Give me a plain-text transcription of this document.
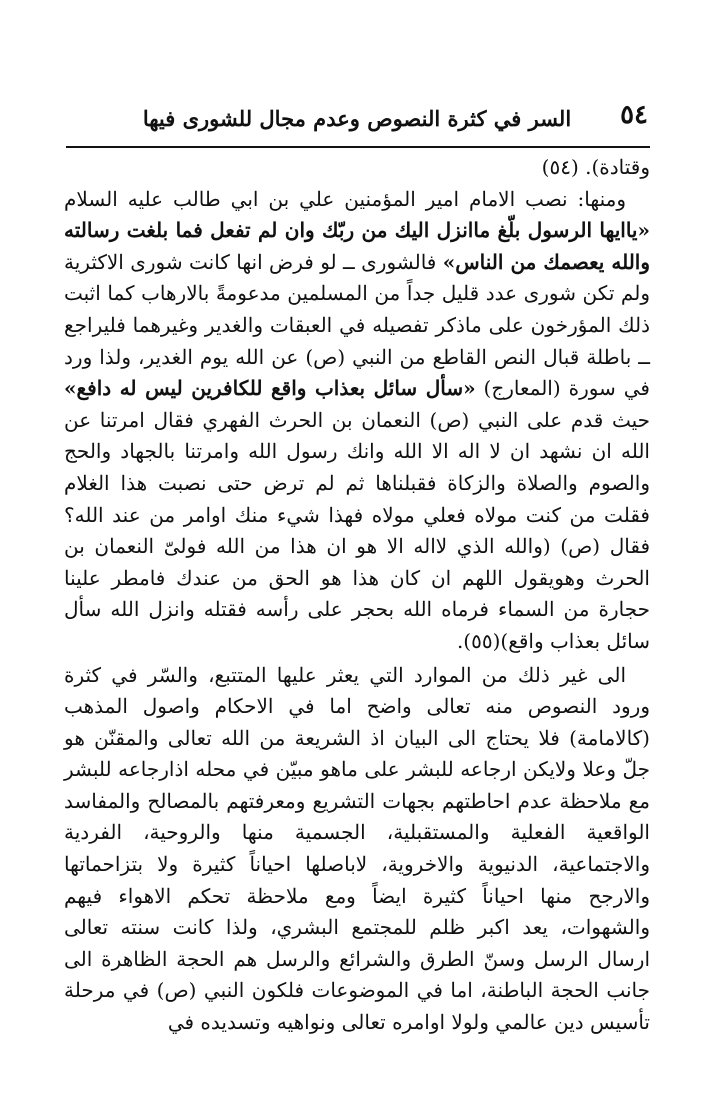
٥٤
السر في كثرة النصوص وعدم مجال للشورى فيها

وقتادة). (٥٤)

ومنها: نصب الامام امير المؤمنين علي بن ابي طالب عليه السلام «ياايها الرسول بلّغ ماانزل اليك من ربّك وان لم تفعل فما بلغت رسالته والله يعصمك من الناس» فالشورى ــ لو فرض انها كانت شورى الاكثرية ولم تكن شورى عدد قليل جداً من المسلمين مدعومةً بالارهاب كما اثبت ذلك المؤرخون على ماذكر تفصيله في العبقات والغدير وغيرهما فليراجع ــ باطلة قبال النص القاطع من النبي (ص) عن الله يوم الغدير، ولذا ورد في سورة (المعارج) «سأل سائل بعذاب واقع للكافرين ليس له دافع» حيث قدم على النبي (ص) النعمان بن الحرث الفهري فقال امرتنا عن الله ان نشهد ان لا اله الا الله وانك رسول الله وامرتنا بالجهاد والحج والصوم والصلاة والزكاة فقبلناها ثم لم ترض حتى نصبت هذا الغلام فقلت من كنت مولاه فعلي مولاه فهذا شيء منك اوامر من عند الله؟ فقال (ص) (والله الذي لااله الا هو ان هذا من الله فولىّ النعمان بن الحرث وهويقول اللهم ان كان هذا هو الحق من عندك فامطر علينا حجارة من السماء فرماه الله بحجر على رأسه فقتله وانزل الله سأل سائل بعذاب واقع)(٥٥).

الى غير ذلك من الموارد التي يعثر عليها المتتبع، والسّر في كثرة ورود النصوص منه تعالى واضح اما في الاحكام واصول المذهب (كالامامة) فلا يحتاج الى البيان اذ الشريعة من الله تعالى والمقنّن هو جلّ وعلا ولايكن ارجاعه للبشر على ماهو مبيّن في محله اذارجاعه للبشر مع ملاحظة عدم احاطتهم بجهات التشريع ومعرفتهم بالمصالح والمفاسد الواقعية الفعلية والمستقبلية، الجسمية منها والروحية، الفردية والاجتماعية، الدنيوية والاخروية، لاباصلها احياناً كثيرة ولا بتزاحماتها والارجح منها احياناً كثيرة ايضاً ومع ملاحظة تحكم الاهواء فيهم والشهوات، يعد اكبر ظلم للمجتمع البشري، ولذا كانت سنته تعالى ارسال الرسل وسنّ الطرق والشرائع والرسل هم الحجة الظاهرة الى جانب الحجة الباطنة، اما في الموضوعات فلكون النبي (ص) في مرحلة تأسيس دين عالمي ولولا اوامره تعالى ونواهيه وتسديده في
